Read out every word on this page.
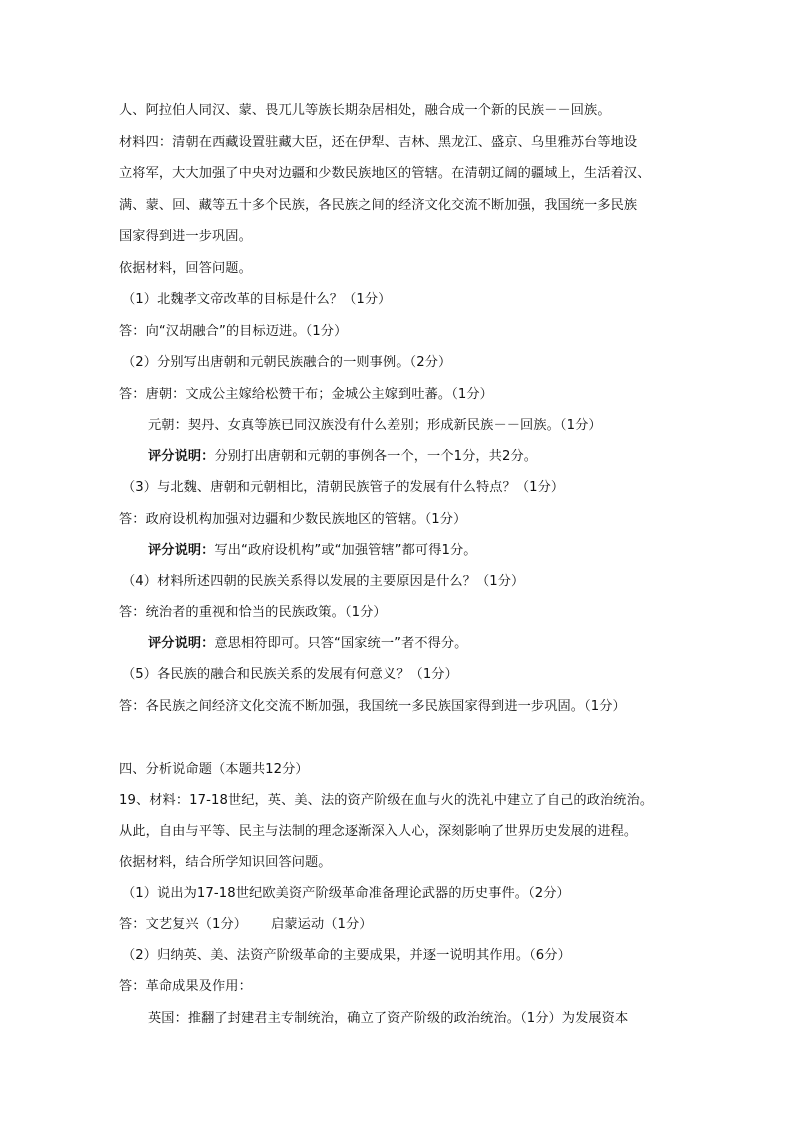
人、阿拉伯人同汉、蒙、畏兀儿等族长期杂居相处，融合成一个新的民族－－回族。
材料四：清朝在西藏设置驻藏大臣，还在伊犁、吉林、黑龙江、盛京、乌里雅苏台等地设
立将军，大大加强了中央对边疆和少数民族地区的管辖。在清朝辽阔的疆域上，生活着汉、
满、蒙、回、藏等五十多个民族，各民族之间的经济文化交流不断加强，我国统一多民族
国家得到进一步巩固。
依据材料，回答问题。
（1）北魏孝文帝改革的目标是什么？（1分）
答：向“汉胡融合”的目标迈进。（1分）
（2）分别写出唐朝和元朝民族融合的一则事例。（2分）
答：唐朝：文成公主嫁给松赞干布；金城公主嫁到吐蕃。（1分）
元朝：契丹、女真等族已同汉族没有什么差别；形成新民族－－回族。（1分）
评分说明：分别打出唐朝和元朝的事例各一个，一个1分，共2分。
（3）与北魏、唐朝和元朝相比，清朝民族管子的发展有什么特点？（1分）
答：政府设机构加强对边疆和少数民族地区的管辖。（1分）
评分说明：写出“政府设机构”或“加强管辖”都可得1分。
（4）材料所述四朝的民族关系得以发展的主要原因是什么？（1分）
答：统治者的重视和恰当的民族政策。（1分）
评分说明：意思相符即可。只答“国家统一”者不得分。
（5）各民族的融合和民族关系的发展有何意义？（1分）
答：各民族之间经济文化交流不断加强，我国统一多民族国家得到进一步巩固。（1分）
四、分析说命题（本题共12分）
19、材料：17-18世纪，英、美、法的资产阶级在血与火的洗礼中建立了自己的政治统治。
从此，自由与平等、民主与法制的理念逐渐深入人心，深刻影响了世界历史发展的进程。
依据材料，结合所学知识回答问题。
（1）说出为17-18世纪欧美资产阶级革命准备理论武器的历史事件。（2分）
答：文艺复兴（1分） 启蒙运动（1分）
（2）归纳英、美、法资产阶级革命的主要成果，并逐一说明其作用。（6分）
答：革命成果及作用：
英国：推翻了封建君主专制统治，确立了资产阶级的政治统治。（1分）为发展资本
